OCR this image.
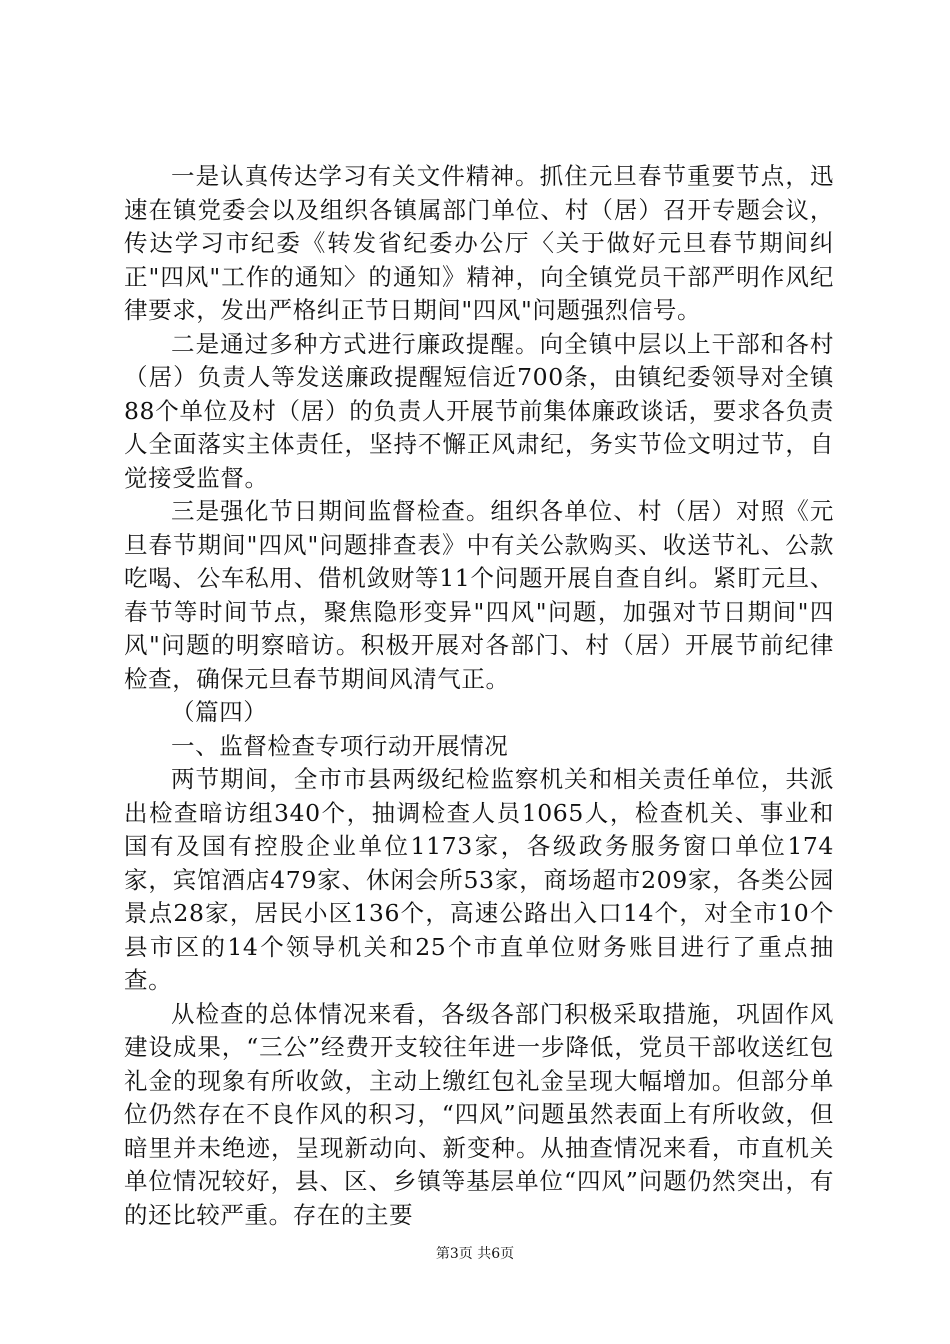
一是认真传达学习有关文件精神。抓住元旦春节重要节点，迅速在镇党委会以及组织各镇属部门单位、村（居）召开专题会议，传达学习市纪委《转发省纪委办公厅〈关于做好元旦春节期间纠正"四风"工作的通知〉的通知》精神，向全镇党员干部严明作风纪律要求，发出严格纠正节日期间"四风"问题强烈信号。

二是通过多种方式进行廉政提醒。向全镇中层以上干部和各村（居）负责人等发送廉政提醒短信近700条，由镇纪委领导对全镇88个单位及村（居）的负责人开展节前集体廉政谈话，要求各负责人全面落实主体责任，坚持不懈正风肃纪，务实节俭文明过节，自觉接受监督。

三是强化节日期间监督检查。组织各单位、村（居）对照《元旦春节期间"四风"问题排查表》中有关公款购买、收送节礼、公款吃喝、公车私用、借机敛财等11个问题开展自查自纠。紧盯元旦、春节等时间节点，聚焦隐形变异"四风"问题，加强对节日期间"四风"问题的明察暗访。积极开展对各部门、村（居）开展节前纪律检查，确保元旦春节期间风清气正。

（篇四）

一、监督检查专项行动开展情况

两节期间，全市市县两级纪检监察机关和相关责任单位，共派出检查暗访组340个，抽调检查人员1065人，检查机关、事业和国有及国有控股企业单位1173家，各级政务服务窗口单位174家，宾馆酒店479家、休闲会所53家，商场超市209家，各类公园景点28家，居民小区136个，高速公路出入口14个，对全市10个县市区的14个领导机关和25个市直单位财务账目进行了重点抽查。

从检查的总体情况来看，各级各部门积极采取措施，巩固作风建设成果，“三公”经费开支较往年进一步降低，党员干部收送红包礼金的现象有所收敛，主动上缴红包礼金呈现大幅增加。但部分单位仍然存在不良作风的积习，“四风”问题虽然表面上有所收敛，但暗里并未绝迹，呈现新动向、新变种。从抽查情况来看，市直机关单位情况较好，县、区、乡镇等基层单位“四风”问题仍然突出，有的还比较严重。存在的主要

第3页 共6页
